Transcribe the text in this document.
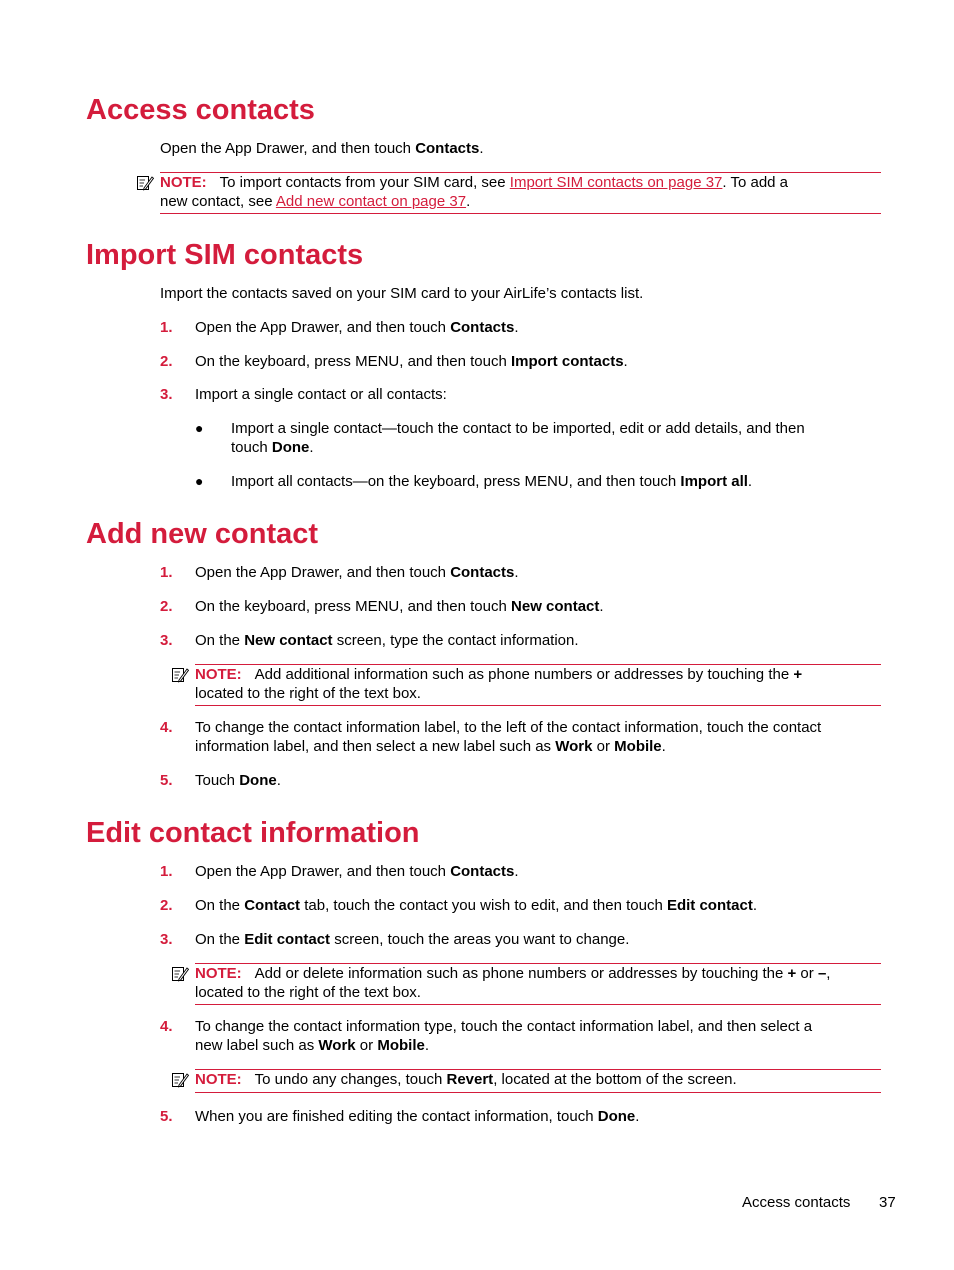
Access contacts
Open the App Drawer, and then touch Contacts.
NOTE: To import contacts from your SIM card, see Import SIM contacts on page 37. To add a
new contact, see Add new contact on page 37.
Import SIM contacts
Import the contacts saved on your SIM card to your AirLife’s contacts list.
1. Open the App Drawer, and then touch Contacts.
2. On the keyboard, press MENU, and then touch Import contacts.
3. Import a single contact or all contacts:
● Import a single contact—touch the contact to be imported, edit or add details, and then
touch Done.
● Import all contacts—on the keyboard, press MENU, and then touch Import all.
Add new contact
1. Open the App Drawer, and then touch Contacts.
2. On the keyboard, press MENU, and then touch New contact.
3. On the New contact screen, type the contact information.
NOTE: Add additional information such as phone numbers or addresses by touching the +
located to the right of the text box.
4. To change the contact information label, to the left of the contact information, touch the contact
information label, and then select a new label such as Work or Mobile.
5. Touch Done.
Edit contact information
1. Open the App Drawer, and then touch Contacts.
2. On the Contact tab, touch the contact you wish to edit, and then touch Edit contact.
3. On the Edit contact screen, touch the areas you want to change.
NOTE: Add or delete information such as phone numbers or addresses by touching the + or –,
located to the right of the text box.
4. To change the contact information type, touch the contact information label, and then select a
new label such as Work or Mobile.
NOTE: To undo any changes, touch Revert, located at the bottom of the screen.
5. When you are finished editing the contact information, touch Done.
Access contacts 37
